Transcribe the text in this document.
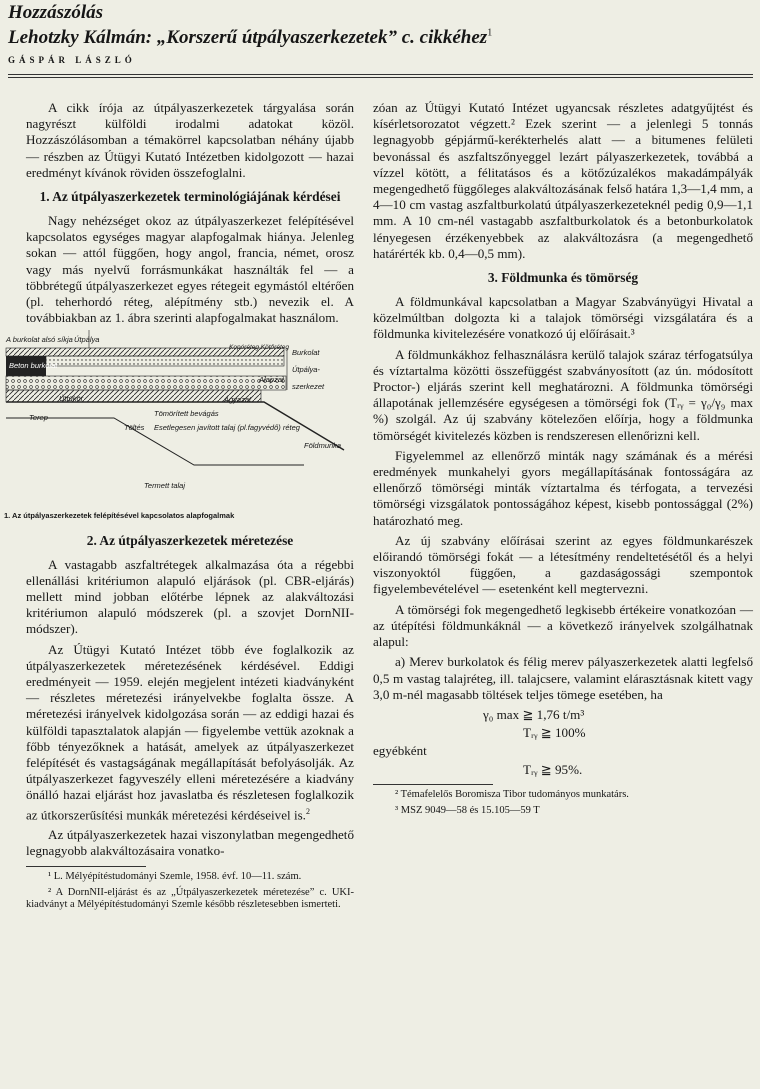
Hozzászólás
Lehotzky Kálmán: „Korszerű útpályaszerkezetek” c. cikkéhez$^1$
GÁSPÁR LÁSZLÓ

A cikk írója az útpályaszerkezetek tárgyalása során nagyrészt külföldi irodalmi adatokat közöl. Hozzászólásomban a témakörrel kapcsolatban néhány újabb — részben az Útügyi Kutató Intézetben kidolgozott — hazai eredményt kívánok röviden összefoglalni.

1. Az útpályaszerkezetek terminológiájának kérdései

Nagy nehézséget okoz az útpályaszerkezet felépítésével kapcsolatos egységes magyar alapfogalmak hiánya. Jelenleg sokan — attól függően, hogy angol, francia, német, orosz vagy más nyelvű forrásmunkákat használták fel — a többrétegű útpályaszerkezet egyes rétegeit egymástól eltérően (pl. teherhordó réteg, alépítmény stb.) nevezik el. A továbbiakban az 1. ábra szerinti alapfogalmakat használom.

A burkolat alsó síkja Útpálya
Beton burkolat
Kopóréteg Kötőréteg
Burkolat
Alapzat
Útpálya-szerkezet
Úttükör	Ágyazat
Tömörített bevágás
Töltés Esetlegesen javított talaj (pl.fagyvédő) réteg
Terep
Földmunka
Termett talaj
1. Az útpályaszerkezetek felépítésével kapcsolatos alapfogalmak
2. Az útpályaszerkezetek méretezése

A vastagabb aszfaltrétegek alkalmazása óta a régebbi ellenállási kritériumon alapuló eljárások (pl. CBR-eljárás) mellett mind jobban előtérbe lépnek az alakváltozási kritériumon alapuló módszerek (pl. a szovjet DornNII-módszer).

Az Útügyi Kutató Intézet több éve foglalkozik az útpályaszerkezetek méretezésének kérdésével. Eddigi eredményeit — 1959. elején megjelent intézeti kiadványként — részletes méretezési irányelvekbe foglalta össze. A méretezési irányelvek kidolgozása során — az eddigi hazai és külföldi tapasztalatok alapján — figyelembe vettük azoknak a főbb tényezőknek a hatását, amelyek az útpályaszerkezet felépítését és vastagságának megállapítását befolyásolják. Az útpályaszerkezet fagyveszély elleni méretezésére a kiadvány önálló hazai eljárást hoz javaslatba és részletesen foglalkozik az útkorszerűsítési munkák méretezési kérdéseivel is.$^2$

Az útpályaszerkezetek hazai viszonylatban megengedhető legnagyobb alakváltozásaira vonatko-

¹ L. Mélyépítéstudományi Szemle, 1958. évf. 10—11. szám.

² A DornNII-eljárást és az „Útpályaszerkezetek méretezése” c. UKI-kiadványt a Mélyépítéstudományi Szemle később részletesebben ismerteti.

zóan az Útügyi Kutató Intézet ugyancsak részletes adatgyűjtést és kísérletsorozatot végzett.² Ezek szerint — a jelenlegi 5 tonnás legnagyobb gépjármű-kerékterhelés alatt — a bitumenes felületi bevonással és aszfaltszőnyeggel lezárt pályaszerkezetek, továbbá a vízzel kötött, a félitatásos és a kötőzúzalékos makadámpályák megengedhető függőleges alakváltozásának felső határa 1,3—1,4 mm, a 4—10 cm vastag aszfaltburkolatú útpályaszerkezeteknél pedig 0,9—1,1 mm. A 10 cm-nél vastagabb aszfaltburkolatok és a betonburkolatok lényegesen érzékenyebbek az alakváltozásra (a megengedhető határérték kb. 0,4—0,5 mm).

3. Földmunka és tömörség

A földmunkával kapcsolatban a Magyar Szabványügyi Hivatal a közelmúltban dolgozta ki a talajok tömörségi vizsgálatára és a földmunka kivitelezésére vonatkozó új előírásait.³

A földmunkákhoz felhasználásra kerülő talajok száraz térfogatsúlya és víztartalma közötti összefüggést szabványosított (az ún. módosított Proctor-) eljárás szerint kell meghatározni. A földmunka tömörségi állapotának jellemzésére egységesen a tömörségi fok (Tᵣᵧ = γ₀/γ₉ max %) szolgál. Az új szabvány kötelezően előírja, hogy a földmunka tömörségét kivitelezés közben is rendszeresen ellenőrizni kell.

Figyelemmel az ellenőrző minták nagy számának és a mérési eredmények munkahelyi gyors megállapításának fontosságára az ellenőrző tömörségi minták víztartalma és térfogata, a tervezési tömörségi vizsgálatok pontosságához képest, kisebb pontossággal (2%) határozható meg.

Az új szabvány előírásai szerint az egyes földmunkarészek előirandó tömörségi fokát — a létesítmény rendeltetésétől és a helyi viszonyoktól függően, a gazdaságossági szempontok figyelembevételével — esetenként kell megtervezni.

A tömörségi fok megengedhető legkisebb értékeire vonatkozóan — az útépítési földmunkáknál — a következő irányelvek szolgálhatnak alapul:

a) Merev burkolatok és félig merev pályaszerkezetek alatti legfelső 0,5 m vastag talajréteg, ill. talajcsere, valamint elárasztásnak kitett vagy 3,0 m-nél magasabb töltések teljes tömege esetében, ha

γ₀ max ≧ 1,76 t/m³
Tᵣᵧ ≧ 100%
egyébként
Tᵣᵧ ≧ 95%.

² Témafelelős Boromisza Tibor tudományos munkatárs.

³ MSZ 9049—58 és 15.105—59 T
